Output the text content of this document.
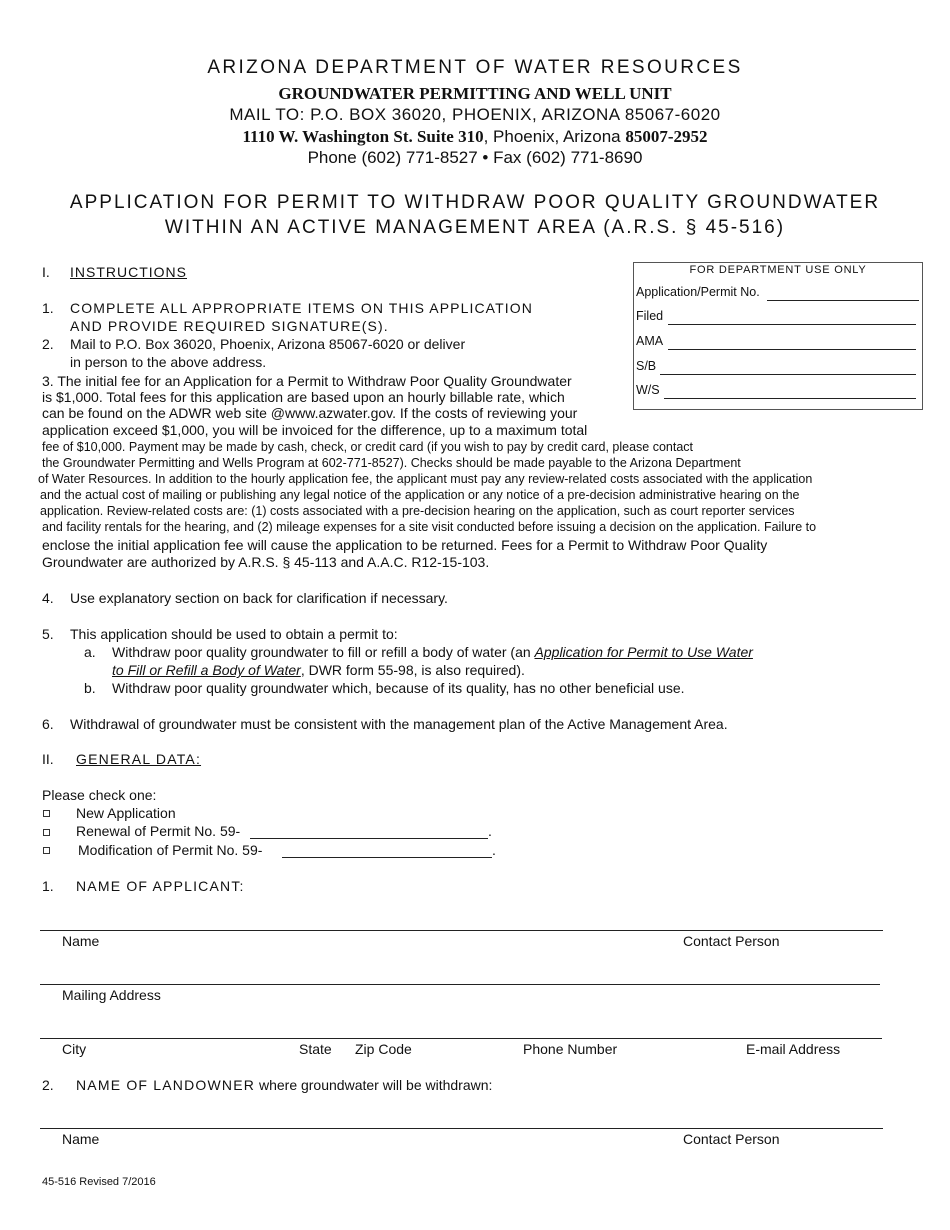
ARIZONA DEPARTMENT OF WATER RESOURCES
GROUNDWATER PERMITTING AND WELL UNIT
MAIL TO: P.O. BOX 36020, PHOENIX, ARIZONA 85067-6020
1110 W. Washington St. Suite 310, Phoenix, Arizona 85007-2952
Phone (602) 771-8527 • Fax (602) 771-8690
APPLICATION FOR PERMIT TO WITHDRAW POOR QUALITY GROUNDWATER
WITHIN AN ACTIVE MANAGEMENT AREA (A.R.S. § 45-516)
FOR DEPARTMENT USE ONLY
Application/Permit No.
Filed
AMA
S/B
W/S
I. INSTRUCTIONS
1. COMPLETE ALL APPROPRIATE ITEMS ON THIS APPLICATION
AND PROVIDE REQUIRED SIGNATURE(S).
2. Mail to P.O. Box 36020, Phoenix, Arizona 85067-6020 or deliver
in person to the above address.
3. The initial fee for an Application for a Permit to Withdraw Poor Quality Groundwater
is $1,000. Total fees for this application are based upon an hourly billable rate, which
can be found on the ADWR web site @www.azwater.gov. If the costs of reviewing your
application exceed $1,000, you will be invoiced for the difference, up to a maximum total
fee of $10,000. Payment may be made by cash, check, or credit card (if you wish to pay by credit card, please contact
the Groundwater Permitting and Wells Program at 602-771-8527). Checks should be made payable to the Arizona Department
of Water Resources. In addition to the hourly application fee, the applicant must pay any review-related costs associated with the application
and the actual cost of mailing or publishing any legal notice of the application or any notice of a pre-decision administrative hearing on the
application. Review-related costs are: (1) costs associated with a pre-decision hearing on the application, such as court reporter services
and facility rentals for the hearing, and (2) mileage expenses for a site visit conducted before issuing a decision on the application. Failure to
enclose the initial application fee will cause the application to be returned. Fees for a Permit to Withdraw Poor Quality
Groundwater are authorized by A.R.S. § 45-113 and A.A.C. R12-15-103.
4. Use explanatory section on back for clarification if necessary.
5. This application should be used to obtain a permit to:
a. Withdraw poor quality groundwater to fill or refill a body of water (an Application for Permit to Use Water
to Fill or Refill a Body of Water, DWR form 55-98, is also required).
b. Withdraw poor quality groundwater which, because of its quality, has no other beneficial use.
6. Withdrawal of groundwater must be consistent with the management plan of the Active Management Area.
II. GENERAL DATA:
Please check one:
New Application
Renewal of Permit No. 59-	.
Modification of Permit No. 59-	.
1. NAME OF APPLICANT:
Name	Contact Person
Mailing Address
City	State Zip Code	Phone Number	E-mail Address
2. NAME OF LANDOWNER where groundwater will be withdrawn:
Name	Contact Person
45-516 Revised 7/2016
